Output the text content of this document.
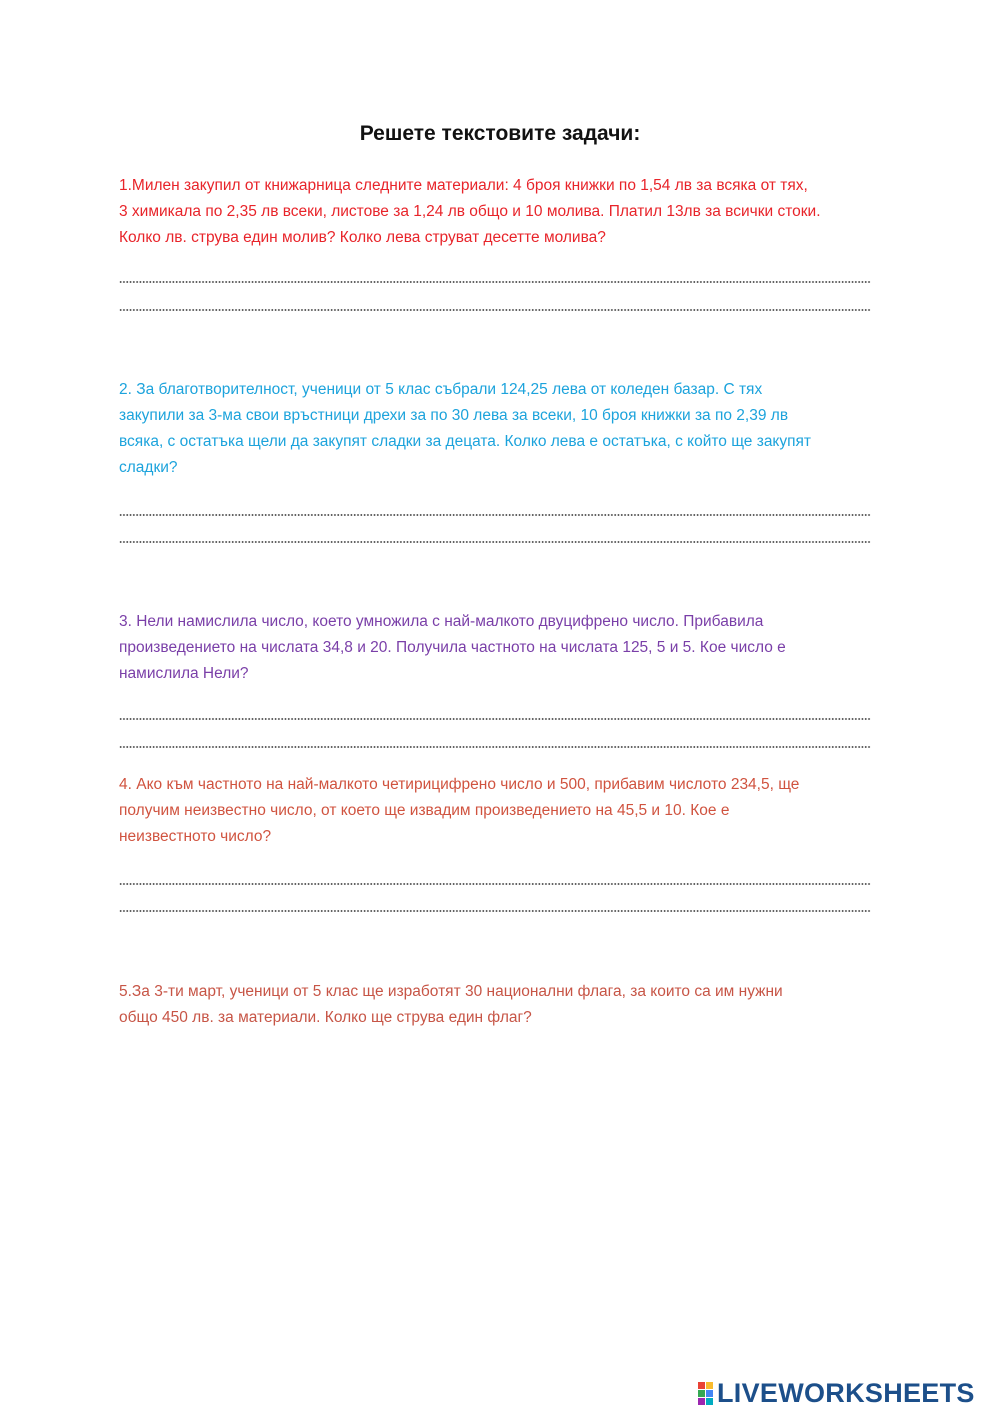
Решете текстовите задачи:

1.Милен закупил от книжарница следните материали: 4 броя книжки по 1,54 лв за всяка от тях,

3 химикала по 2,35 лв всеки, листове за 1,24 лв общо и 10 молива. Платил 13лв за всички стоки.

Колко лв. струва един молив? Колко лева струват десетте молива?

2. За благотворителност, ученици от 5 клас събрали 124,25 лева от коледен базар. С тях

закупили за 3-ма свои връстници дрехи за по 30 лева за всеки, 10 броя книжки за по 2,39 лв

всяка, с остатъка щели да закупят сладки за децата. Колко лева е остатъка, с който ще закупят

сладки?

3. Нели намислила число, което умножила с най-малкото двуцифрено число. Прибавила

произведението на числата 34,8 и 20. Получила частното на числата 125, 5 и 5. Кое число е

намислила Нели?

4. Ако към частното на най-малкото четирицифрено число и 500, прибавим числото 234,5, ще

получим неизвестно число, от което ще извадим произведението на 45,5 и 10. Кое е

неизвестното число?

5.За 3-ти март, ученици от 5 клас ще изработят 30 национални флага, за които са им нужни

общо 450 лв. за материали. Колко ще струва един флаг?

LIVEWORKSHEETS
